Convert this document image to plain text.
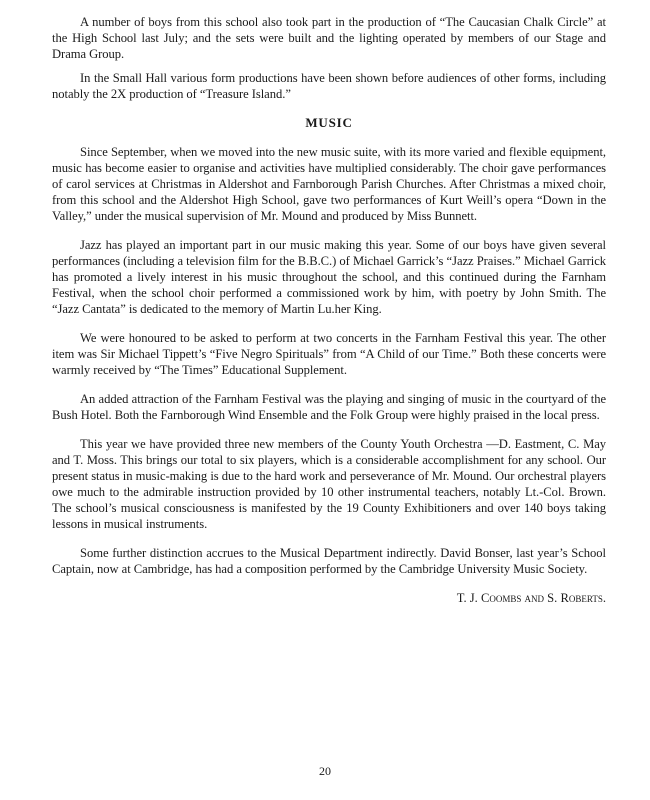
A number of boys from this school also took part in the production of “The Caucasian Chalk Circle” at the High School last July; and the sets were built and the lighting operated by members of our Stage and Drama Group.

In the Small Hall various form productions have been shown before audiences of other forms, including notably the 2X production of “Treasure Island.”

MUSIC

Since September, when we moved into the new music suite, with its more varied and flexible equipment, music has become easier to organise and activities have multiplied considerably. The choir gave performances of carol services at Christmas in Aldershot and Farnborough Parish Churches. After Christmas a mixed choir, from this school and the Aldershot High School, gave two performances of Kurt Weill’s opera “Down in the Valley,” under the musical supervision of Mr. Mound and produced by Miss Bunnett.

Jazz has played an important part in our music making this year. Some of our boys have given several performances (including a television film for the B.B.C.) of Michael Garrick’s “Jazz Praises.” Michael Garrick has promoted a lively interest in his music throughout the school, and this continued during the Farnham Festival, when the school choir performed a commissioned work by him, with poetry by John Smith. The “Jazz Cantata” is dedicated to the memory of Martin Lu.her King.

We were honoured to be asked to perform at two concerts in the Farnham Festival this year. The other item was Sir Michael Tippett’s “Five Negro Spirituals” from “A Child of our Time.” Both these concerts were warmly received by “The Times” Educational Supplement.

An added attraction of the Farnham Festival was the playing and singing of music in the courtyard of the Bush Hotel. Both the Farnborough Wind Ensemble and the Folk Group were highly praised in the local press.

This year we have provided three new members of the County Youth Orchestra —D. Eastment, C. May and T. Moss. This brings our total to six players, which is a considerable accomplishment for any school. Our present status in music-making is due to the hard work and perseverance of Mr. Mound. Our orchestral players owe much to the admirable instruction provided by 10 other instrumental teachers, notably Lt.-Col. Brown. The school’s musical consciousness is manifested by the 19 County Exhibitioners and over 140 boys taking lessons in musical instruments.

Some further distinction accrues to the Musical Department indirectly. David Bonser, last year’s School Captain, now at Cambridge, has had a composition performed by the Cambridge University Music Society.

T. J. Coombs and S. Roberts.

20
